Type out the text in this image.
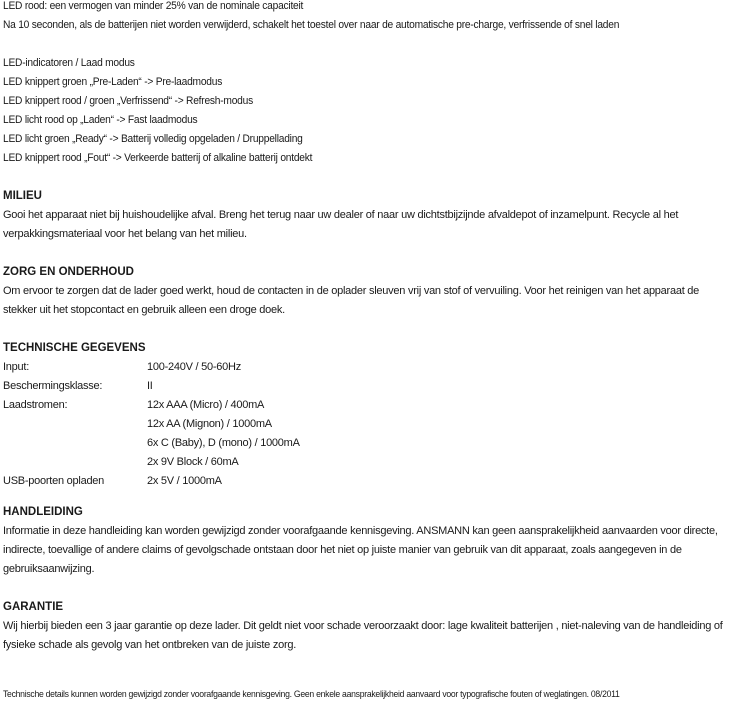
LED rood: een vermogen van minder 25% van de nominale capaciteit
Na 10 seconden, als de batterijen niet worden verwijderd, schakelt het toestel over naar de automatische pre-charge, verfrissende of snel laden
LED-indicatoren / Laad modus
LED knippert groen „Pre-Laden“ -> Pre-laadmodus
LED knippert rood / groen „Verfrissend“ -> Refresh-modus
LED licht rood op „Laden“ -> Fast laadmodus
LED licht groen „Ready“ -> Batterij volledig opgeladen / Druppellading
LED knippert rood „Fout“ -> Verkeerde batterij of alkaline batterij ontdekt
MILIEU
Gooi het apparaat niet bij huishoudelijke afval. Breng het terug naar uw dealer of naar uw dichtstbijzijnde afvaldepot of inzamelpunt. Recycle al het verpakkingsmateriaal voor het belang van het milieu.
ZORG EN ONDERHOUD
Om ervoor te zorgen dat de lader goed werkt, houd de contacten in de oplader sleuven vrij van stof of vervuiling. Voor het reinigen van het apparaat de stekker uit het stopcontact en gebruik alleen een droge doek.
TECHNISCHE GEGEVENS
Input:	100-240V / 50-60Hz
Beschermingsklasse:	II
Laadstromen:	12x AAA (Micro) / 400mA
12x AA (Mignon) / 1000mA
6x C (Baby), D (mono) / 1000mA
2x 9V Block / 60mA
USB-poorten opladen	2x 5V / 1000mA
HANDLEIDING
Informatie in deze handleiding kan worden gewijzigd zonder voorafgaande kennisgeving. ANSMANN kan geen aansprakelijkheid aanvaarden voor directe, indirecte, toevallige of andere claims of gevolgschade ontstaan door het niet op juiste manier van gebruik van dit apparaat, zoals aangegeven in de gebruiksaanwijzing.
GARANTIE
Wij hierbij bieden een 3 jaar garantie op deze lader. Dit geldt niet voor schade veroorzaakt door: lage kwaliteit batterijen , niet-naleving van de handleiding of fysieke schade als gevolg van het ontbreken van de juiste zorg.
Technische details kunnen worden gewijzigd zonder voorafgaande kennisgeving. Geen enkele aansprakelijkheid aanvaard voor typografische fouten of weglatingen. 08/2011
